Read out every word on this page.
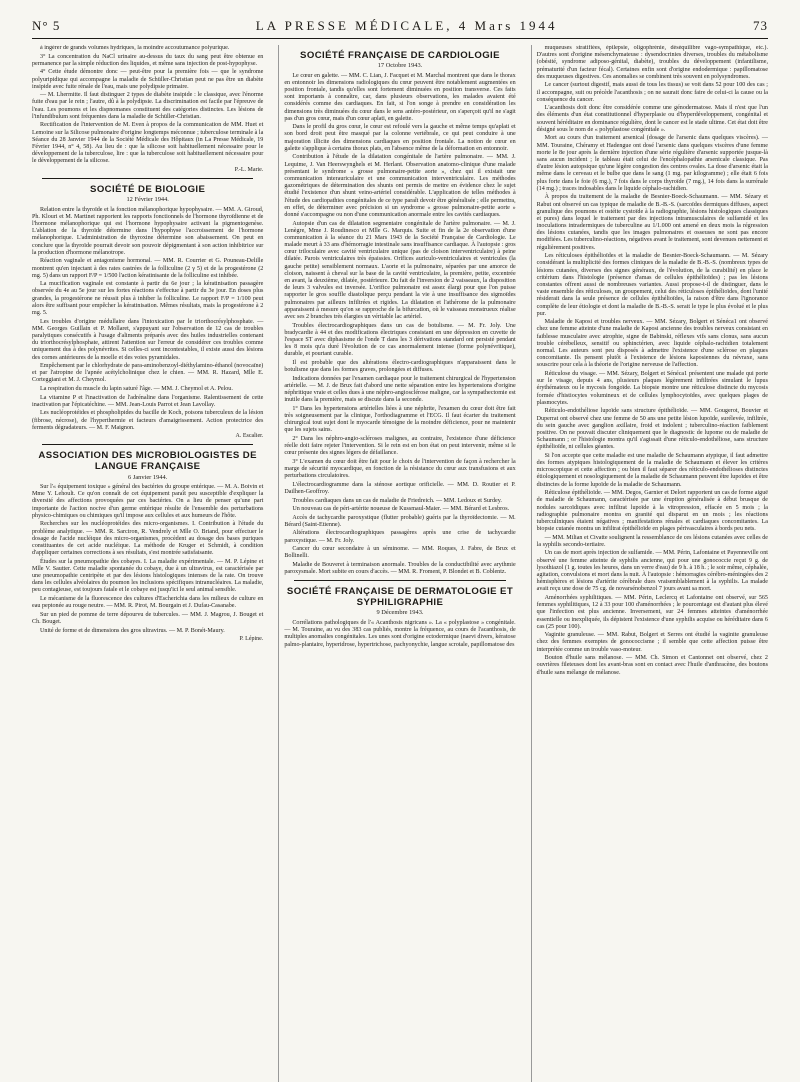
N° 5	LA PRESSE MÉDICALE, 4 Mars 1944	73

à ingérer de grands volumes hydriques, la moindre accoutumance polyurique.

3° La concentration du NaCl urinaire au-dessus du taux du sang peut être obtenue en permanence par la simple réduction des liquides, et même sans injection de post-hypophyse.

4° Cette étude démontre donc — peut-être pour la première fois — que le syndrome polyuripidique qui accompagne la maladie de Schüller-Christian peut ne pas être un diabète insipide avec fuite rénale de l'eau, mais une polydipsie primaire.

— M. Lhermitte. Il faut distinguer 2 types de diabète insipide : le classique, avec l'énorme fuite d'eau par le rein ; l'autre, dû à la polydipsie. La discrimination est facile par l'épreuve de l'eau. Les poumons et les dispnomanes constituent des catégories distinctes. Les lésions de l'infundibulum sont fréquentes dans la maladie de Schüller-Christian.

Rectification de l'intervention de M. Even à propos de la communication de MM. Huet et Lemoine sur la Silicose pulmonaire d'origine longtemps méconnue ; tuberculose terminale à la Séance du 28 Janvier 1944 de la Société Médicale des Hôpitaux (in La Presse Médicale, 19 Février 1944, n° 4, 58). Au lieu de : que la silicose soit habituellement nécessaire pour le développement de la tuberculose, lire : que la tuberculose soit habituellement nécessaire pour le développement de la silicose.

P.-L. Marie.
SOCIÉTÉ DE BIOLOGIE
12 Février 1944.

Relation entre la thyroïde et la fonction mélanophorique hypophysaire. — MM. A. Giroud, Ph. Klouri et M. Martinet rapportent les rapports fonctionnels de l'hormone thyroïdienne et de l'hormone mélanophorique qui est l'hormone hypophysaire activant la pigmentogenèse. L'ablation de la thyroïde détermine dans l'hypophyse l'accroissement de l'hormone mélanophorique. L'administration de thyroxine détermine son abaissement. On peut en conclure que la thyroïde pourrait devoir son pouvoir dépigmentant à son action inhibitrice sur la production d'hormone mélanotrope.

Réaction vaginale et antagonisme hormonal. — MM. R. Courrier et G. Pouneau-Delille montrent qu'en injectant à des rates castrées de la folliculine (2 γ 5) et de la progestérone (2 mg. 5) dans un rapport F/P = 1/500 l'action kératinisante de la folliculine est inhibée.

La mucification vaginale est constante à partir du 6e jour ; la kératinisation passagère observée du 4e au 5e jour sur les fortes réactions s'effectue à partir du 3e jour. En doses plus grandes, la progestérone ne réussit plus à inhiber la folliculine. Le rapport F/P = 1/100 peut alors être suffisant pour empêcher la kératinisation. Mêmes résultats, mais la progestérone à 2 mg. 5.

Les troubles d'origine médullaire dans l'intoxication par le triorthocrésylphosphate. — MM. Georges Guillain et P. Mollaret, s'appuyant sur l'observation de 12 cas de troubles paralytiques consécutifs à l'usage d'aliments préparés avec des huiles industrielles contenant du triorthocrésylphosphate, attirent l'attention sur l'erreur de considérer ces troubles comme uniquement dus à des polynévrites. Si celles-ci sont incontestables, il existe aussi des lésions des cornes antérieures de la moelle et des voies pyramidales.

Empêchement par le chlorhydrate de para-aminobenzoyl-diéthylamino-éthanol (novocaïne) et par l'atropine de l'apnée acétylcholinique chez le chien. — MM. R. Hazard, Mlle E. Corteggiani et M. J. Cheymol.

La respiration du muscle du lapin saturé l'âge. — MM. J. Cheymol et A. Pelou.

La vitamine P et l'inactivation de l'adrénaline dans l'organisme. Ralentissement de cette inactivation par l'épicatéchine. — MM. Jean-Louis Parrot et Jean Lavollay.

Les nucléoprotéides et phospholipides du bacille de Koch, poisons tuberculeux de la lésion (fibrose, nécrose), de l'hyperthermie et facteurs d'amaigrissement. Action protectrice des ferments dégradateurs. — M. F. Maignon.

A. Escalier.
ASSOCIATION DES MICROBIOLOGISTES DE LANGUE FRANÇAISE
6 Janvier 1944.

Sur l'« équipement toxique » général des bactéries du groupe entérique. — M. A. Boivin et Mme Y. Lehoult. Ce qu'on connaît de cet équipement paraît peu susceptible d'expliquer la diversité des affections provoquées par ces bactéries. On a lieu de penser qu'une part importante de l'action nocive d'un germe entérique résulte de l'ensemble des perturbations physico-chimiques ou chimiques qu'il impose aux cellules et aux humeurs de l'hôte.

Recherches sur les nucléoprotéides des micro-organismes. I. Contribution à l'étude du problème analytique. — MM. R. Sarciron, R. Vendrely et Mlle O. Briand, pour effectuer le dosage de l'acide nucléique des micro-organismes, procèdent au dosage des bases puriques constituantes de cet acide nucléique. La méthode de Kruger et Schmidt, à condition d'appliquer certaines corrections à ses résultats, s'est montrée satisfaisante.

Études sur la pneumopathie des cobayes. I. La maladie expérimentale. — M. P. Lépine et Mlle V. Sautter. Cette maladie spontanée du cobaye, due à un ultravirus, est caractérisée par une pneumopathie centripète et par des lésions histologiques intenses de la rate. On trouve dans les cellules alvéolaires du poumon les inclusions spécifiques intranucléaires. La maladie, peu contagieuse, est toujours fatale et le cobaye est jusqu'ici le seul animal sensible.

Le mécanisme de la fluorescence des cultures d'Escherichia dans les milieux de culture en eau peptonée au rouge neutre. — MM. R. Pirot, M. Bourgain et J. Dufau-Casanabe.

Sur un pied de pomme de terre dépourvu de tubercules. — MM. J. Magrou, J. Bouget et Ch. Bouget.

Unité de forme et de dimensions des gros ultravirus. — M. P. Bonét-Maury.

P. Lépine.
SOCIÉTÉ FRANÇAISE DE CARDIOLOGIE
17 Octobre 1943.

Le cœur en galette. — MM. C. Lian, J. Facquet et M. Marchal montrent que dans le thorax en entonnoir les dimensions radiologiques du cœur peuvent être notablement augmentées en position frontale, tandis qu'elles sont fortement diminuées en position transverse. Ces faits sont importants à connaître, car, dans plusieurs observations, les malades avaient été considérés comme des cardiaques. En fait, si l'on songe à prendre en considération les dimensions très diminuées du cœur dans le sens antéro-postérieur, on s'aperçoit qu'il ne s'agit pas d'un gros cœur, mais d'un cœur aplati, en galette.

Dans le profil du gros cœur, le cœur est refoulé vers la gauche et même temps qu'aplati et son bord droit peut être masqué par la colonne vertébrale, ce qui peut conduire à une majoration illicite des dimensions cardiaques en position frontale. La notion de cœur en galette s'applique à certains thorax plats, en l'absence même de la déformation en entonnoir.

Contribution à l'étude de la dilatation congénitale de l'artère pulmonaire. — MM. J. Lequime, J. Van Heerswynghels et M. Herlant. Observation anatomo-clinique d'une malade présentant le syndrome « grosse pulmonaire-petite aorte », chez qui il existait une communication interauriculaire et une communication interventriculaire. Les méthodes gazométriques de détermination des shunts ont permis de mettre en évidence chez le sujet étudié l'existence d'un shunt veino-artériel considérable. L'application de telles méthodes à l'étude des cardiopathies congénitales de ce type paraît devoir être généralisée ; elle permettra, en effet, de déterminer avec précision si un syndrome « grosse pulmonaire-petite aorte » donné s'accompagne ou non d'une communication anormale entre les cavités cardiaques.

Autopsie d'un cas de dilatation segmentaire congénitale de l'artère pulmonaire. — M. J. Lenègre, Mme J. Roudinesco et Mlle G. Marquis. Suite et fin de la 2e observation d'une communication à la séance du 21 Mars 1943 de la Société Française de Cardiologie. Le malade meurt à 33 ans d'hémorragie intestinale sans insuffisance cardiaque. À l'autopsie : gros cœur triloculaire avec cavité ventriculaire unique (pas de cloison interventriculaire) à peine dilatée. Parois ventriculaires très épaissies. Orifices auriculo-ventriculaires et ventricules (la gauche petite) sensiblement normaux. L'aorte et la pulmonaire, séparées par une amorce de cloison, naissent à cheval sur la base de la cavité ventriculaire, la première, petite, excentrée en avant, la deuxième, dilatée, postérieure. Du fait de l'inversion de 2 vaisseaux, la disposition de leurs 3 valvules est inversée. L'orifice pulmonaire est assez élargi pour que l'on puisse rapporter le gros souffle diastolique perçu pendant la vie à une insuffisance des sigmoïdes pulmonaires par ailleurs infiltrées et rigides. La dilatation et l'athérome de la pulmonaire apparaissent à mesure qu'on se rapproche de la bifurcation, où le vaisseau monstrueux réalise avec ses 2 branches très élargies un véritable lac artériel.

Troubles électrocardiographiques dans un cas de botulisme. — M. Fr. Joly. Une bradycardie à 44 et des modifications électriques consistant en une dépression en cuvette de l'espace ST avec diphasisme de l'onde T dans les 3 dérivations standard ont persisté pendant les 8 mois qu'a duré l'évolution de ce cas anormalement intense (forme polynévritique), durable, et pourtant curable.

Il est probable que des altérations électro-cardiographiques n'apparaissent dans le botulisme que dans les formes graves, prolongées et diffuses.

Indications données par l'examen cardiaque pour le traitement chirurgical de l'hypertension artérielle. — M. J. de Brux fait d'abord une nette séparation entre les hypertensions d'origine néphritique vraie et celles dues à une néphro-angiosclérose maligne, car la sympathectomie est inutile dans la première, mais se discute dans la seconde.

1° Dans les hypertensions artérielles liées à une néphrite, l'examen du cœur doit être fait très soigneusement par la clinique, l'orthodiagramme et l'ECG. Il faut écarter du traitement chirurgical tout sujet dont le myocarde témoigne de la moindre déficience, pour ne maintenir que les sujets sains.

2° Dans les néphro-angio-scléroses malignes, au contraire, l'existence d'une déficience réelle doit faire rejeter l'intervention. Si le rein est en bon état on peut intervenir, même si le cœur présente des signes légers de défaillance.

3° L'examen du cœur doit être fait pour le choix de l'intervention de façon à rechercher la marge de sécurité myocardique, en fonction de la résistance du cœur aux transfusions et aux perturbations circulatoires.

L'électrocardiogramme dans la sténose aortique orificielle. — MM. D. Routier et P. Dailhen-Geoffroy.

Troubles cardiaques dans un cas de maladie de Friedreich. — MM. Ledoux et Surdey.

Un nouveau cas de péri-artérite noueuse de Kussmaul-Maier. — MM. Bérard et Lesbros.

Accès de tachycardie paroxystique (flutter probable) guéris par la thyroïdectomie. — M. Bérard (Saint-Etienne).

Altérations électrocardiographiques passagères après une crise de tachycardie paroxystique. — M. Fr. Joly.

Cancer du cœur secondaire à un séminome. — MM. Roques, J. Fabre, de Brux et Bollinelli.

Maladie de Bouveret à terminaison anormale. Troubles de la conductibilité avec arythmie paroxysmale. Mort subite en cours d'accès. — MM. R. Froment, P. Blondet et B. Coblentz.

SOCIÉTÉ FRANÇAISE DE DERMATOLOGIE ET SYPHILIGRAPHIE
9 Décembre 1943.

Corrélations pathologiques de l'« Acanthosis nigricans ». La « polyplastose » congénitale. — M. Touraine, au vu des 383 cas publiés, montre la fréquence, au cours de l'acanthosis, de multiples anomalies congénitales. Les unes sont d'origine ectodermique (naevi divers, kératose palmo-plantaire, hyperidrose, hypertrichose, pachyonychie, langue scrotale, papillomatose des

muqueuses stratifiées, épilepsie, oligophrénie, déséquilibre vago-sympathique, etc.). D'autres sont d'origine mésenchymateuse : dysendocrinies diverses, troubles du métabolisme (obésité, syndrome adiposo-génital, diabète), troubles du développement (infantilisme, prématurité d'un facteur fécal). Certaines enfin sont d'origine endodermique : papillomatose des muqueuses digestives. Ces anomalies se combinent très souvent en polysyndromes.

Le cancer (surtout digestif, mais aussi de tous les tissus) se voit dans 52 pour 100 des cas ; il accompagne, suit ou précède l'acanthosis ; on ne saurait donc faire de celui-ci la cause ou la conséquence du cancer.

L'acanthosis doit donc être considérée comme une génodermatose. Mais il n'est que l'un des éléments d'un état constitutionnel d'hyperplasie ou d'hyperdéveloppement, congénital et souvent héréditaire en dominance régulière, dont le cancer est le stade ultime. Cet état doit être désigné sous le nom de « polyplastose congénitale ».

Mort au cours d'un traitement arsenical (dosage de l'arsenic dans quelques viscères). — MM. Touraine, Chéramy et Hadengue ont dosé l'arsenic dans quelques viscères d'une femme morte le 8e jour après la dernière injection d'une série régulière d'arsenic supportée jusque-là sans aucun incident ; le tableau était celui de l'encéphalopathie arsenicale classique. Pas d'autre lésion autopsique qu'une légère congestion des centres ovales. La dose d'arsenic était la même dans le cerveau et le bulbe que dans le sang (1 mg. par kilogramme) ; elle était 6 fois plus forte dans le foie (6 mg.), 7 fois dans le corps thyroïde (7 mg.), 14 fois dans la surrénale (14 mg.) ; traces indosables dans le liquide céphalo-rachidien.

À propos du traitement de la maladie de Besnier-Boeck-Schaumann. — MM. Sézary et Rabut ont observé un cas typique de maladie de B.-B.-S. (sarcoïdes dermiques diffuses, aspect granulique des poumons et ostéite cystoïde à la radiographie, lésions histologiques classiques et pures) dans lequel le traitement par des injections intramusculaires de sulfamidé et les inoculations intradermiques de tuberculine au 1/1.000 ont amené en deux mois la régression des lésions cutanées, tandis que les images pulmonaires et osseuses ne sont pas encore modifiées. Les tuberculino-réactions, négatives avant le traitement, sont devenues nettement et régulièrement positives.

Les réticuloses épithélioïdes et la maladie de Besnier-Boeck-Schaumann. — M. Sézary considérant la multiplicité des formes cliniques de la maladie de B.-B.-S. (nombreux types de lésions cutanées, diverses des signes généraux, de l'évolution, de la curabilité) en place le critérium dans l'histologie (présence d'amas de cellules épithélioïdes) ; pas les lésions constantes offrent aussi de nombreuses variantes. Aussi propose-t-il de distinguer, dans le vaste ensemble des réticuloses, un groupement, celui des réticuloses épithélioïdes, dont l'unité résiderait dans la seule présence de cellules épithélioïdes, la raison d'être dans l'ignorance complète de leur étiologie et dont la maladie de B.-B.-S. serait le type le plus évolué et le plus pur.

Maladie de Kaposi et troubles nerveux. — MM. Sézary, Bolgert et Sénéca1 ont observé chez une femme atteinte d'une maladie de Kaposi ancienne des troubles nerveux consistant en faiblesse musculaire avec atrophie, signe de Babinski, réflexes vifs sans clonus, sans aucun trouble cérébelleux, sensitif ou sphinctérien, avec liquide céphalo-rachidien totalement normal. Les auteurs sont peu disposés à admettre l'existence d'une sclérose en plaques concomitante. Ils pensent plutôt à l'existence de lésions kaposiennes du névraxe, sans souscrire pour cela à la théorie de l'origine nerveuse de l'affection.

Réticulose du visage. — MM. Sézary, Bolgert et Sénéca1 présentent une malade qui porte sur le visage, depuis 4 ans, plusieurs plaques légèrement infiltrées simulant le lupus érythémateux ou le mycosis fongoïde. La biopsie montre une réticulose distincte du mycosis formée d'histiocytes volumineux et de cellules lymphocytoïdes, avec quelques plages de plasmocytes.

Réticulo-endothéliose lupoïde sans structure épithélioïde. — MM. Gougerot, Bouvier et Duperrat ont observé chez une femme de 50 ans une petite lésion lupoïde, surélevée, infiltrée, du sein gauche avec ganglion axillaire, froid et indolent ; tuberculino-réaction faiblement positive. On ne pouvait discuter cliniquement que le diagnostic de lupome ou de maladie de Schaumann ; or l'histologie montra qu'il s'agissait d'une réticulo-endothéliose, sans structure épithélioïde, ni cellules géantes.

Si l'on accepte que cette maladie est une maladie de Schaumann atypique, il faut admettre des formes atypiques histologiquement de la maladie de Schaumann et élever les critères microscopique et cette affection ; ou bien il faut séparer des réticulo-endothélioses distinctes étiologiquement et nosologiquement de la maladie de Schaumann peuvent être lupoïdes et être distinctes de la forme lupoïde de la maladie de Schaumann.

Réticulose épithélioïde. — MM. Degos, Garnier et Delort rapportent un cas de forme aiguë de maladie de Schaumann, caractérisée par une éruption généralisée à début brusque de nodules sarcoïdiques avec infiltrat lupoïde à la vitropression, effacée en 5 mois ; la radiographie pulmonaire montra en granité qui disparut en un mois ; les réactions tuberculiniques étaient négatives ; manifestations rénales et cardiaques concomitantes. La biopsie cutanée montra un infiltrat épithélioïde en plages périvasculaires à bords peu nets.

— MM. Milian et Civatte soulignent la ressemblance de ces lésions cutanées avec celles de la syphilis secondo-tertiaire.

Un cas de mort après injection de sulfamide. — MM. Périn, Lafontaine et Payenneville ont observé une femme atteinte de syphilis ancienne, qui pour une gonococcie reçut 9 g. de lysothiazol (1 g. toutes les heures, dans un verre d'eau) de 9 h. à 18 h. ; le soir même, céphalée, agitation, convulsions et mort dans la nuit. À l'autopsie : hémorragies cérébro-méningées des 2 hémisphères et lésions d'artérite cérébrale dues vraisemblablement à la syphilis. La malade avait reçu une dose de 75 cg. de novarsénobenzol 7 jours avant sa mort.

Aménorrhées syphilitiques. — MM. Périn, Leclercq et Lafontaine ont observé, sur 565 femmes syphilitiques, 12 à 33 pour 100 d'aménorrhées ; le pourcentage est d'autant plus élevé que l'infection est plus ancienne. Inversement, sur 24 femmes atteintes d'aménorrhée essentielle ou inexpliquée, ils dépistent l'existence d'une syphilis acquise ou héréditaire dans 6 cas (25 pour 100).

Vaginite granuleuse. — MM. Rabut, Bolgert et Serres ont étudié la vaginite granuleuse chez des femmes exemptes de gonococcisme ; il semble que cette affection puisse être interprétée comme un trouble vaso-moteur.

Bouton d'huile sans mélanose. — MM. Ch. Simon et Cantonnet ont observé, chez 2 ouvrières fileteuses dont les avant-bras sont en contact avec l'huile d'anthracène, des boutons d'huile sans mélange de mélanose.
